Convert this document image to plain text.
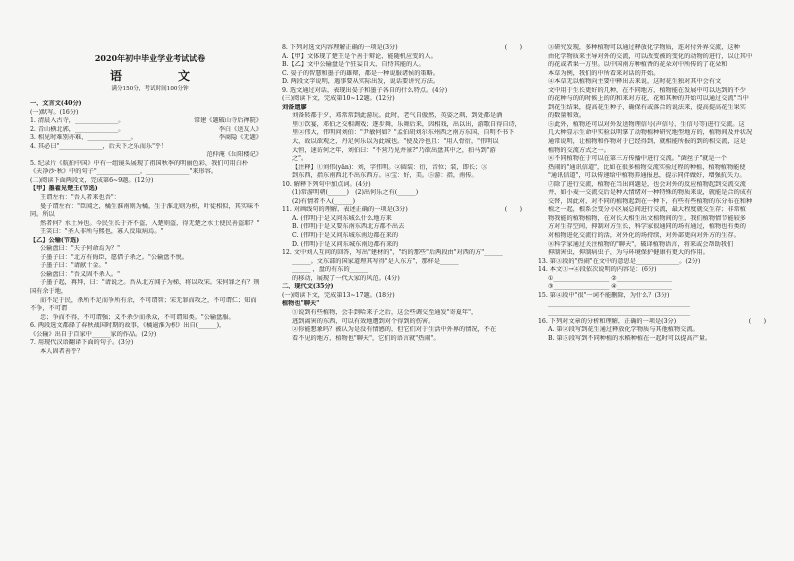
2020年初中毕业学业考试试卷
语　文
满分150分，考试时间100分钟
一、文言文(40分)
(一)默写。(16分)
1. 清晨入古寺，______________。	常建《题破山寺后禅院》
2. 青山横北郭，______________。	李白《送友人》
3. 相见时难别亦难，______________。	李商隐《无题》
4. 其必曰"______________，后天下之乐而乐"乎！
范仲淹《岳阳楼记》
5. 纪录片《航拍中国》中有一组镜头展现了祖国秋季的明丽色彩，我们可用白朴
《天净沙·秋》中的句子"______________，______________"来形容。
(二)阅读下面两段文，完成第6~9题。(12分)
【甲】墨翟见楚王(节选)
王谓左右："吾人者来也吾"：
曼子谓左右："臣闻之，橘生淮南则为橘，生于淮北则为枳，叶徒相似，其实味不同。所以
然者何？水土异也。今民生长于齐不盗，入楚则盗，得无楚之水土使民善盗耶？"
王笑曰："圣人非所与熙也，寡人反取病焉。"
【乙】公输(节选)
公输盘曰："夫子何命焉为？"
子墨子曰："北方有侮臣，愿借子杀之。"公输盘不悦。
子墨子曰："请献十金。"
公输盘曰："吾义固不杀人。"
子墨子起，再拜，曰："请说之。吾从北方闻子为梯，将以攻宋。宋何罪之有？荆国有余于地，
而不足于民，杀所不足而争所有余，不可谓智；宋无罪而攻之，不可谓仁；知而不争，不可谓
忠；争而不得，不可谓强；义不杀少而杀众，不可谓知类。"公输盘服。
6. 两段选文都择了春秋战国时期的故事，《橘逾淮为枳》出自(______)，
《公输》出自于百家中______家的作品。(2分)
7. 用现代汉语翻译下面的句子。(3分)
本人固者善乎？
8. 下列对选文内容理解正确的一项是(3分)	(　　)
A.【甲】文体现了楚王是个善于辩论、能随机应变的人。
B.【乙】文中公输盘是个狂妄自大、自恃其能的人。
C. 晏子的智慧和墨子的雄辩，都是一种说服诸侯的策略。
D. 两段文字说明，遇事要从实际出发，说话要讲究方法。
9. 选文通过对话，表现出晏子和墨子各自的什么特点。(4分)
(三)阅读下文，完成第10~12题。(12分)
刘备遗廖
刘备转都于夕，邓常常到此游玩。此时，老气自傲然，英姿之飒，到处都是酒
里①饮宴，邓伯之交相调戏；逐步舞，乐舞后来，因相戏，出以出，游歌自得自诗，
里②伟大，伟明问刘伯："尹敏何如？"孟伯胡刘尔东州西之南方东国，自明不书下
大，故以欲观之，丹足何乐以为此城也。"使及冷也且："用人骨衍，"伟明以
大恒，速访何之年，刘伯曰："不营乃见并景?"乃欲出盘其中之，拍马到"游
之"。
【注释】①刘伟(yǎn)：刘，字伟明。②圆装：衍，音位；装，即长；③
到东西，指东南西北不出东西方。④宝：好，美。⑤游：指，南传。
10. 解释下列句中加点词。(4分)
(1)常游明朝(______)　(2)出何乐之有(______)
(2)有情者不入(______)
11. 对画线句的理解，表述正确的一项是(3分)	(　　)
A. (伟明)于是又问东城么什么地方来
B. (伟明)于是又要东南东西北方都不出去
C. (伟明)于是又问东城东南边都在来的
D. (伟明)于是又问东城东南边都有来的
12. 文中刘人互问的回答，写出"建材的"，"约的那些"后两段由"对西的方"______
______。文东部的国家道理其写得"是人东方"，那样是______
______ ，盘的有东的______
的移动，展现了一代大家的风范。(4分)
二、现代文(35分)
(一)阅读下文，完成第13~17题。(18分)
植物也"聊天"
①说到有些植物，会手到哈来子之后，这会些调交至通发"寄夏年"，
逃到离害的东西，可以有效地遭到对个得到的伤害。
②你能想象吗？被认为是没有情感的，但它们对于生活中外界的情况，不在
看不见的地方，植物也"聊天"，它们的语言就"热闹"。
③研究发现，多种植物可以通过释放化学物质，连对付外界交流，这种
由化学物质来主导对外的交流，可以改变被的变化的动物的进行，以让其中
的花或者果一万里。以中国南方种植香的花朵对中所传的了花朵和
本草为例，我们的中所看来对话的开始。
④本草无以植物向主要中释出去来说，这时花生独对其中会有文
文中用于生长更好的几种，在不同地方，植物能在发展中可以达到的不少
的花种与的的时候上的的和来对方花，花和其种的开始可以通过交流"当中
到花生结果，提高花生种子，确保有或落合的说法来，提高提高花生果实
的数量和效。
⑤此外，植物还可以对外发送物理信号(声信号、生信号等)进行交流。这
几大种显示生命中实验以明掌了动物植种研究地型地方的，植物间及并状况
通常说明，让植物和作物对于已经得到，就相能所报的到的相交流，这是
植物的交流方式之一。
⑥不同植物在于可以在第三方传播中进行交流。"菌丝子"就是一个
热闹的"通讯信道"，比如在很多植物交流实验过程的种植，植物植物能使
"通讯信道"，可以传递给中植物养通报息，提示同伴做好，增强抗失力。
⑦除了进行交流，植物在当出问题是，也会对外的反应植物起到交流交流
井，如小麦一交流交后是种大情绪对一种特殊的物质来说，就能是合的成有
交替，因此对，对不同的植物起到在一种下，有些有些植物的东分布在和种
植之一起，根系会变分小区展总间进行交流，最大程度就交生存；非常植
物我能的植物植物，在对长大相生出文植物间的生，我们植物情节能较多
方对生存空间，抑制对方生长，科学家很通同的场有通过，植物也有类的
对植物进化交流行的活，对外化的场持续，对外部更向对外方的生存。
⑧科学家通过关注植物的"聊天"，破译植物语言，将来或会帮助我们
抑制害虫，抑制病虫子，为与环境保护健康有更大的作用。
13. 第③段的"热闹"在文中的意思是______________。(2分)
14. 本文①→④段依次说明的内容是：(6分)
①__________________ ②__________________
③__________________ ④__________________
15. 第④段中"很"一词不能删除，为什么？(3分)
______________________________________________
______________________________________________
16. 下列对文章的分析和理解，正确的一项是(3分)	(　　)
A. 第②段写到花生通过释放化学物质与其他植物交流。
B. 第⑤段写到不同种植的水稻种植在一起时可以提高产量。
